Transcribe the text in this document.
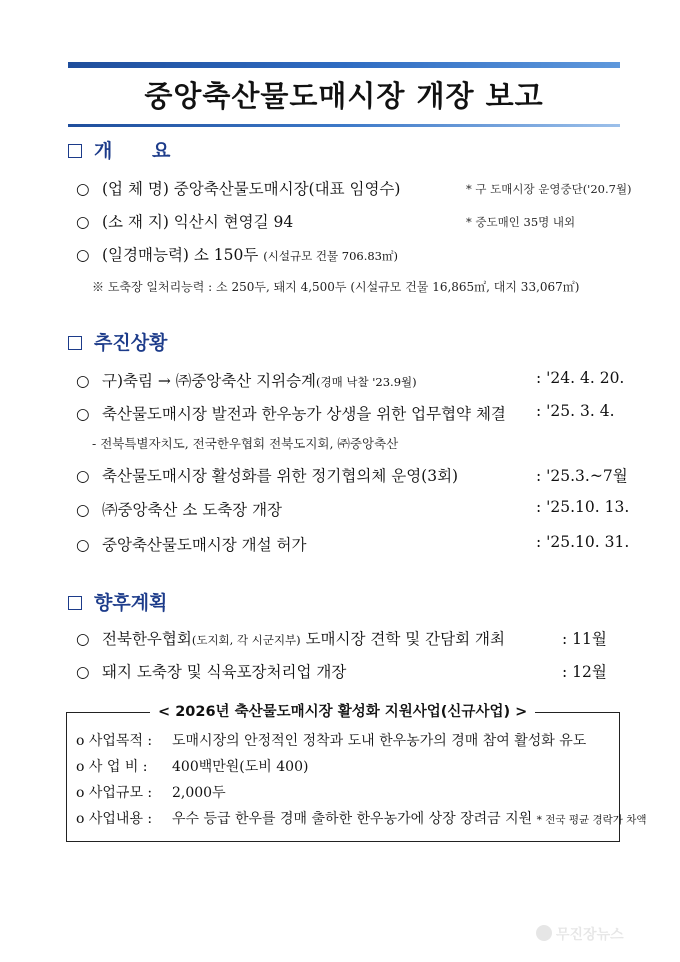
중앙축산물도매시장 개장 보고
개      요
○ (업 체 명) 중앙축산물도매시장(대표 임영수)	* 구 도매시장 운영중단('20.7월)
○ (소 재 지) 익산시 현영길 94	* 중도매인 35명 내외
○ (일경매능력) 소 150두 (시설규모 건물 706.83㎡)
※ 도축장 일처리능력 : 소 250두, 돼지 4,500두 (시설규모 건물 16,865㎡, 대지 33,067㎡)
추진상황
○ 구)축림 → ㈜중앙축산 지위승계(경매 낙찰 '23.9월)	: '24. 4. 20.
○ 축산물도매시장 발전과 한우농가 상생을 위한 업무협약 체결 : '25. 3. 4.
- 전북특별자치도, 전국한우협회 전북도지회, ㈜중앙축산
○ 축산물도매시장 활성화를 위한 정기협의체 운영(3회)	: '25.3.~7월
○ ㈜중앙축산 소 도축장 개장	: '25.10. 13.
○ 중앙축산물도매시장 개설 허가	: '25.10. 31.
향후계획
○ 전북한우협회(도지회, 각 시군지부) 도매시장 견학 및 간담회 개최	: 11월
○ 돼지 도축장 및 식육포장처리업 개장	: 12월
< 2026년 축산물도매시장 활성화 지원사업(신규사업) >
o 사업목적 : 도매시장의 안정적인 정착과 도내 한우농가의 경매 참여 활성화 유도
o 사 업 비 : 400백만원(도비 400)
o 사업규모 : 2,000두
o 사업내용 : 우수 등급 한우를 경매 출하한 한우농가에 상장 장려금 지원 * 전국 평균 경락가 차액
무진장뉴스
